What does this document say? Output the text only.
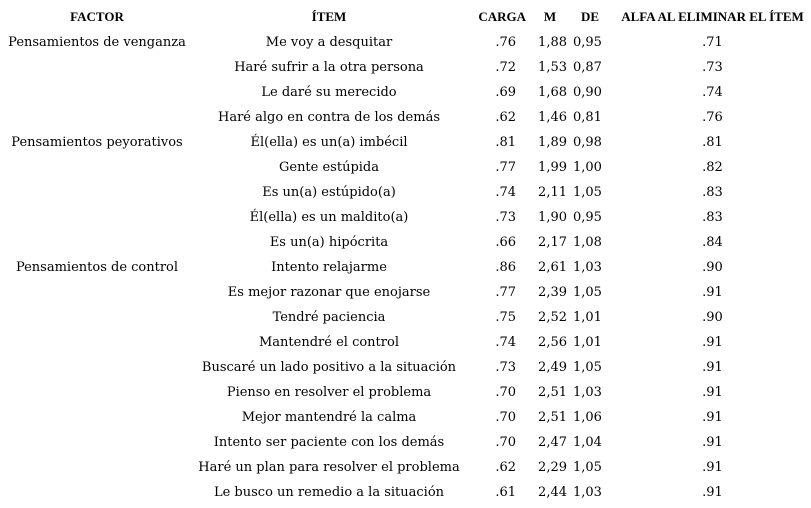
FACTOR	ÍTEM	CARGA	M	DE	ALFA AL ELIMINAR EL ÍTEM
Pensamientos de venganza	Me voy a desquitar	.76	1,88	0,95	.71
	Haré sufrir a la otra persona	.72	1,53	0,87	.73
	Le daré su merecido	.69	1,68	0,90	.74
	Haré algo en contra de los demás	.62	1,46	0,81	.76
Pensamientos peyorativos	Él(ella) es un(a) imbécil	.81	1,89	0,98	.81
	Gente estúpida	.77	1,99	1,00	.82
	Es un(a) estúpido(a)	.74	2,11	1,05	.83
	Él(ella) es un maldito(a)	.73	1,90	0,95	.83
	Es un(a) hipócrita	.66	2,17	1,08	.84
Pensamientos de control	Intento relajarme	.86	2,61	1,03	.90
	Es mejor razonar que enojarse	.77	2,39	1,05	.91
	Tendré paciencia	.75	2,52	1,01	.90
	Mantendré el control	.74	2,56	1,01	.91
	Buscaré un lado positivo a la situación	.73	2,49	1,05	.91
	Pienso en resolver el problema	.70	2,51	1,03	.91
	Mejor mantendré la calma	.70	2,51	1,06	.91
	Intento ser paciente con los demás	.70	2,47	1,04	.91
	Haré un plan para resolver el problema	.62	2,29	1,05	.91
	Le busco un remedio a la situación	.61	2,44	1,03	.91
